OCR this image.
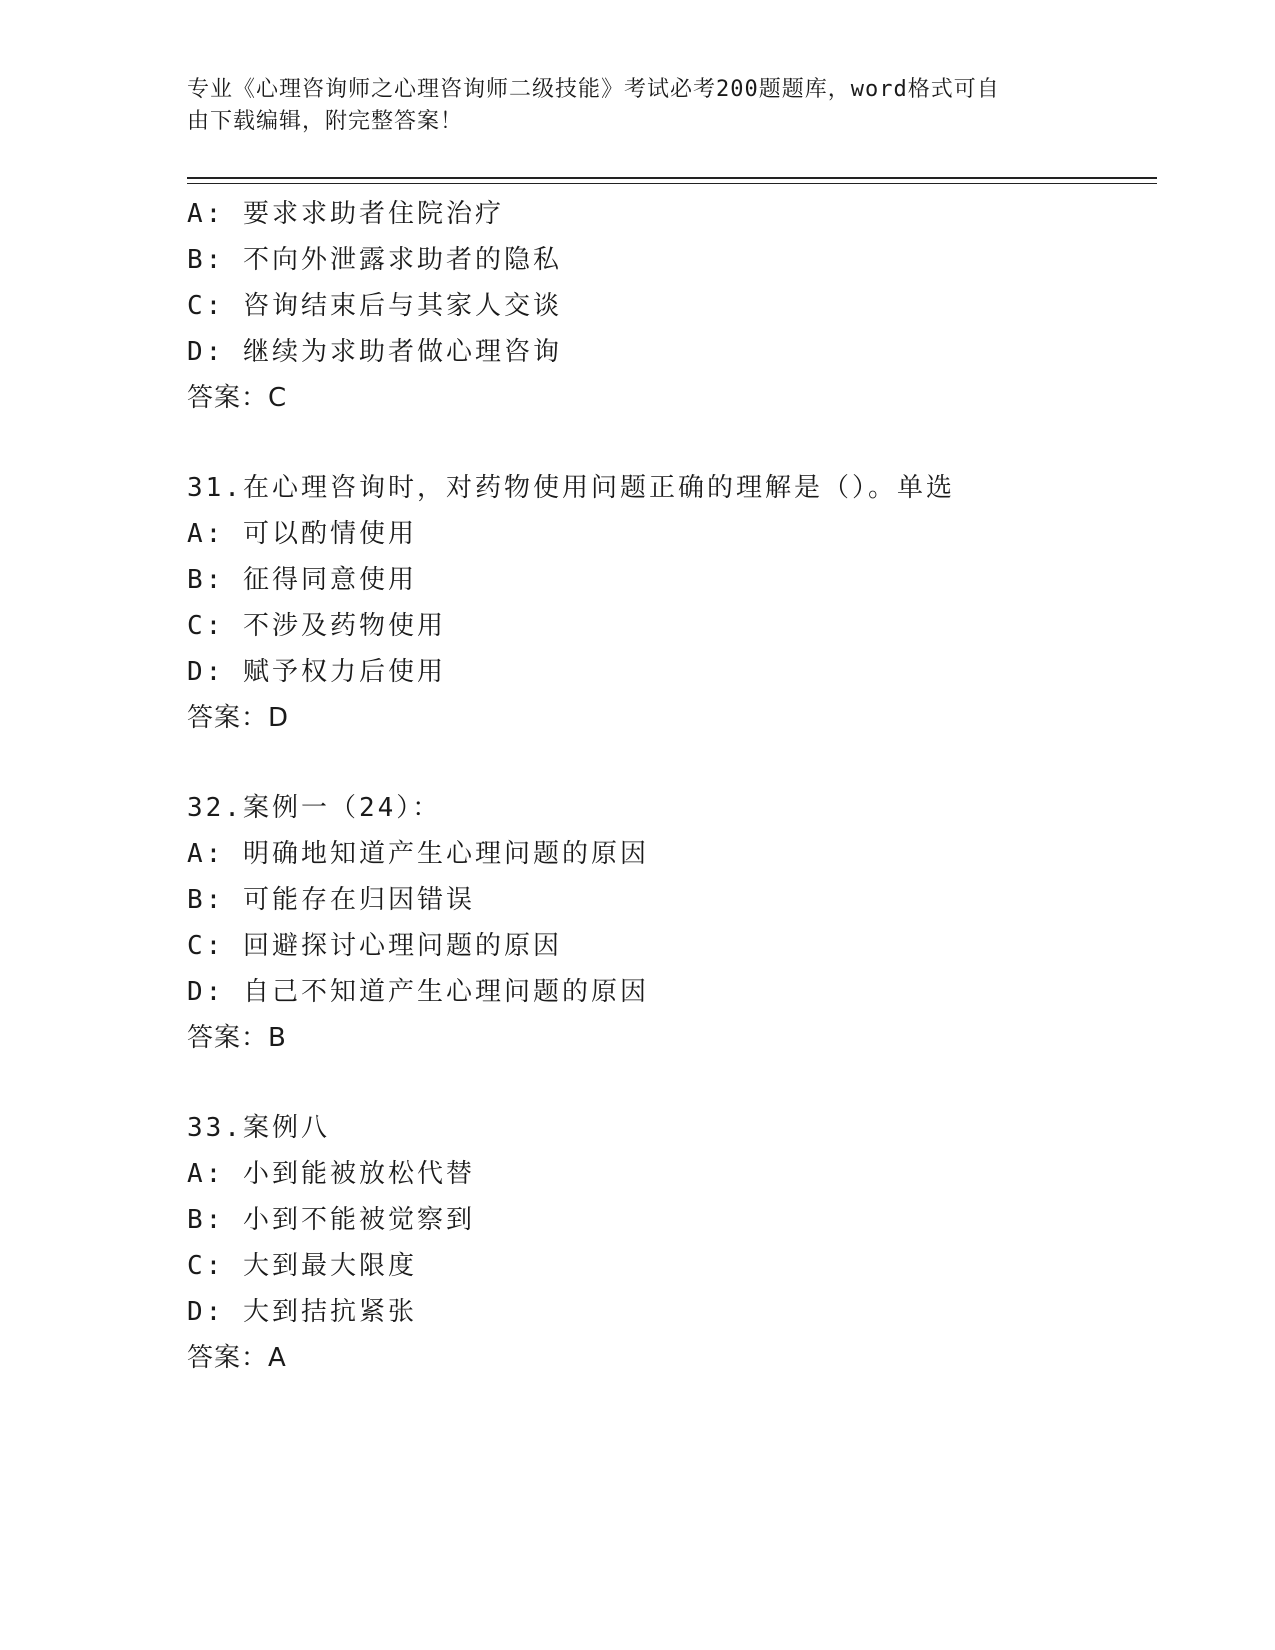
专业《心理咨询师之心理咨询师二级技能》考试必考200题题库，word格式可自
由下载编辑，附完整答案！
A: 要求求助者住院治疗
B: 不向外泄露求助者的隐私
C: 咨询结束后与其家人交谈
D: 继续为求助者做心理咨询
答案：C
31.在心理咨询时，对药物使用问题正确的理解是（）。单选
A: 可以酌情使用
B: 征得同意使用
C: 不涉及药物使用
D: 赋予权力后使用
答案：D
32.案例一（24）：
A: 明确地知道产生心理问题的原因
B: 可能存在归因错误
C: 回避探讨心理问题的原因
D: 自己不知道产生心理问题的原因
答案：B
33.案例八
A: 小到能被放松代替
B: 小到不能被觉察到
C: 大到最大限度
D: 大到拮抗紧张
答案：A
